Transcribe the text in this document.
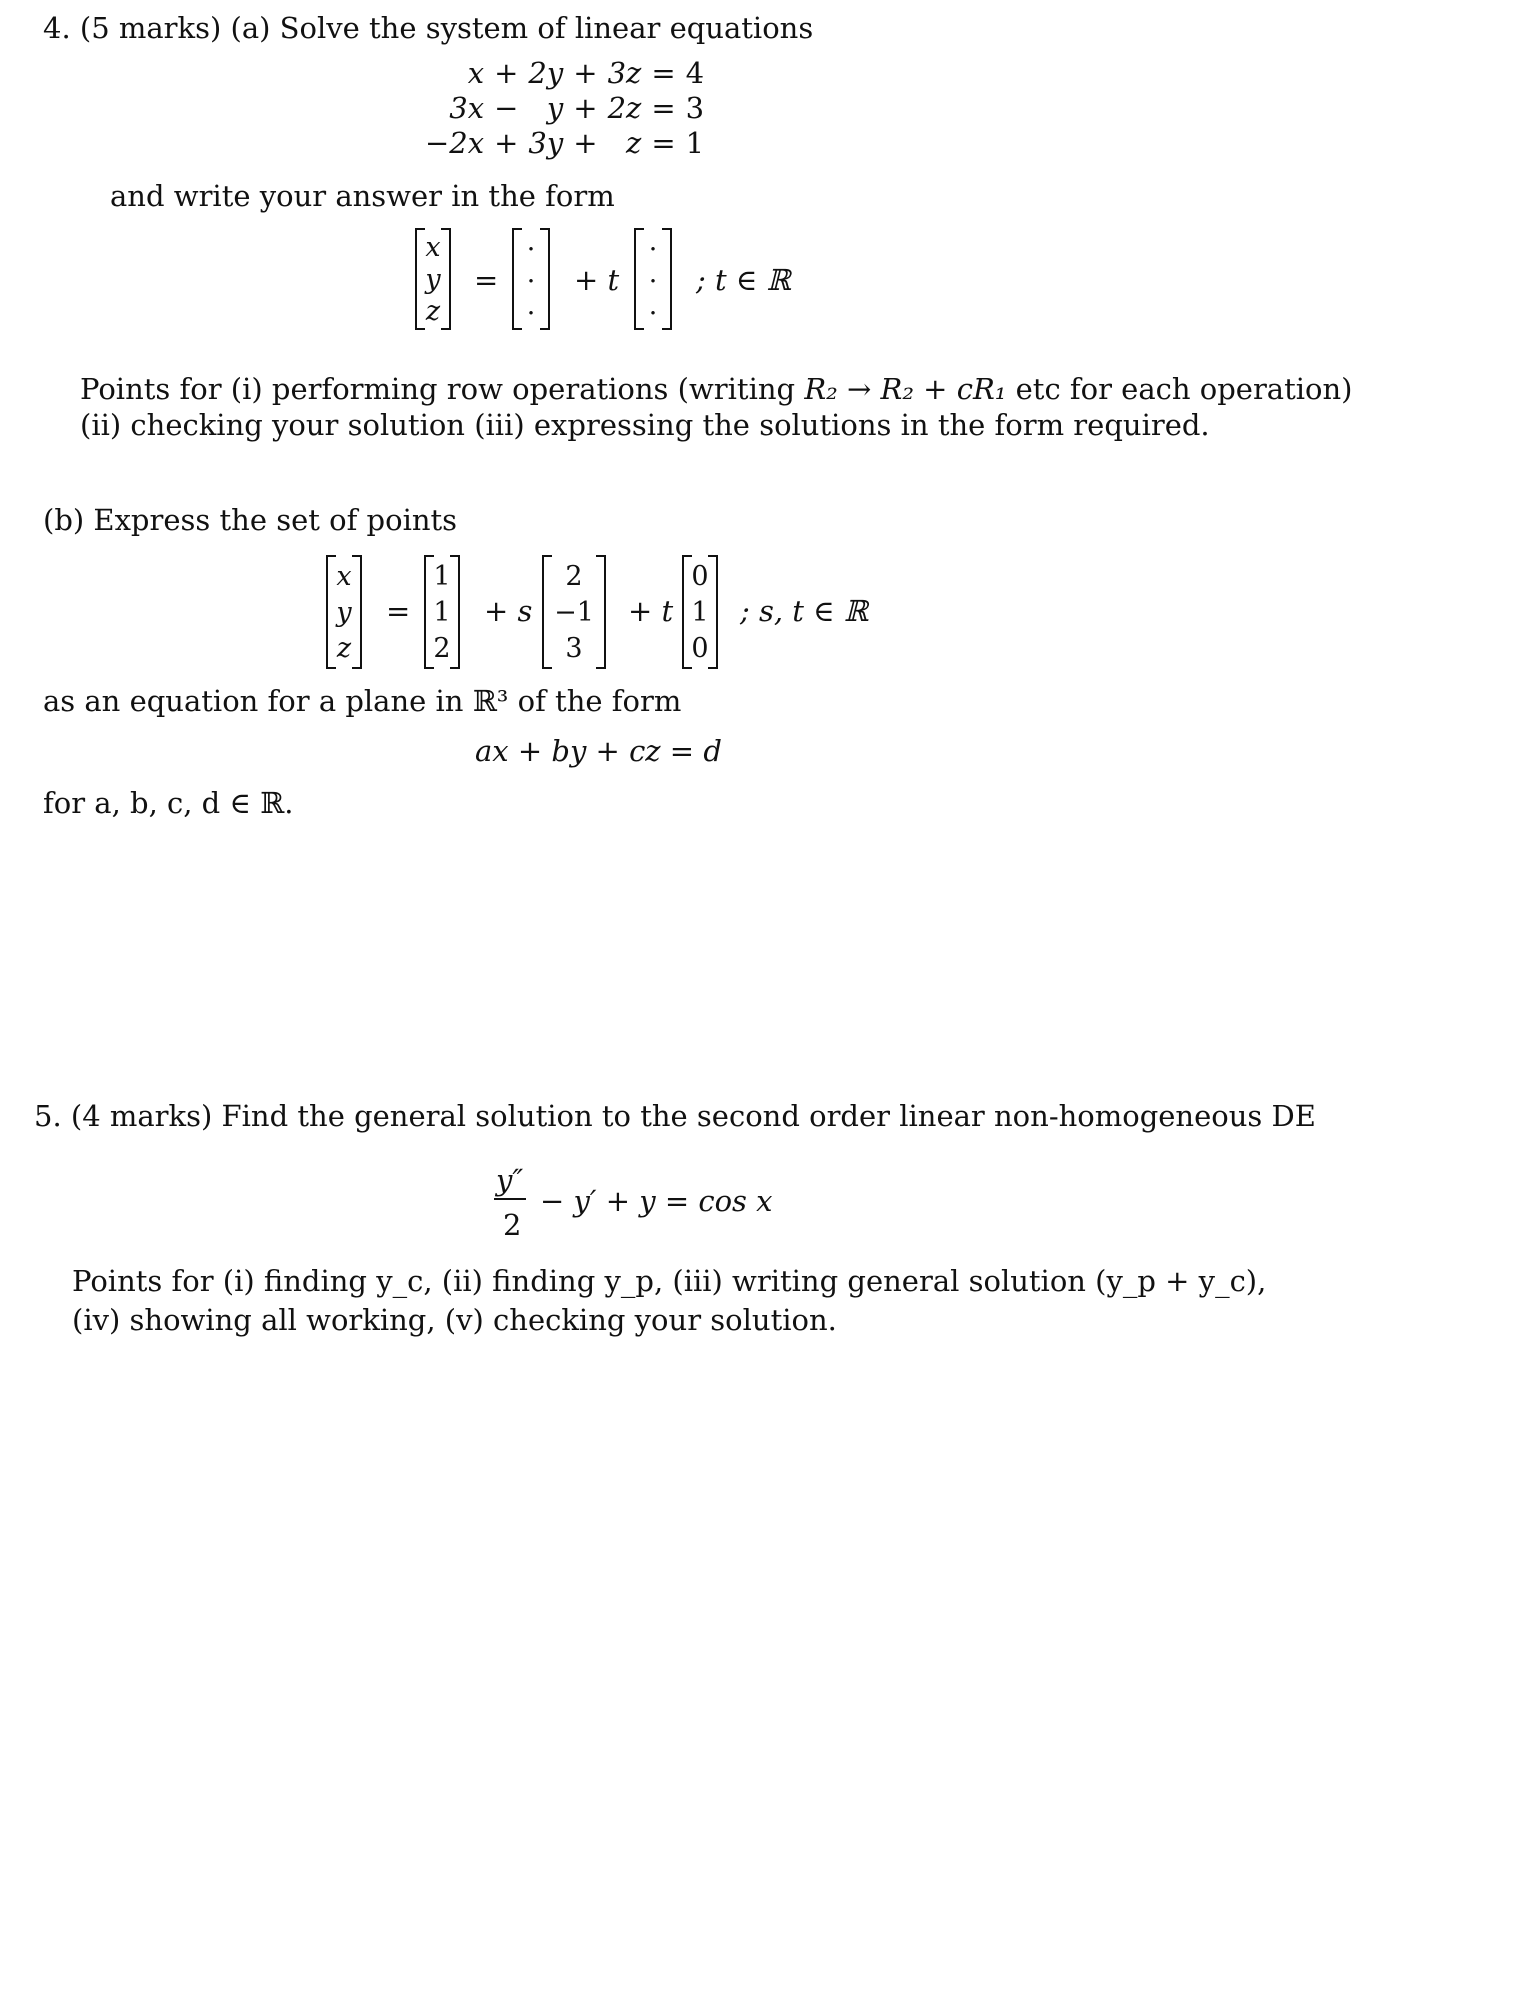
4. (5 marks) (a) Solve the system of linear equations
x	+	2y	+	3z	=	4
3x	−	y	+	2z	=	3
−2x	+	3y	+	z	=	1
and write your answer in the form
x
y
z
=
·
·
·
+ t
·
·
·
; t ∈ ℝ
Points for (i) performing row operations (writing R₂ → R₂ + cR₁ etc for each operation)
(ii) checking your solution (iii) expressing the solutions in the form required.
(b) Express the set of points
x
y
z
=
1
1
2
+ s
2
−1
3
+ t
0
1
0
; s, t ∈ ℝ
as an equation for a plane in ℝ³ of the form
ax + by + cz = d
for a, b, c, d ∈ ℝ.
5. (4 marks) Find the general solution to the second order linear non-homogeneous DE
y″
2
− y′ + y = cos x
Points for (i) finding y_c, (ii) finding y_p, (iii) writing general solution (y_p + y_c),
(iv) showing all working, (v) checking your solution.
